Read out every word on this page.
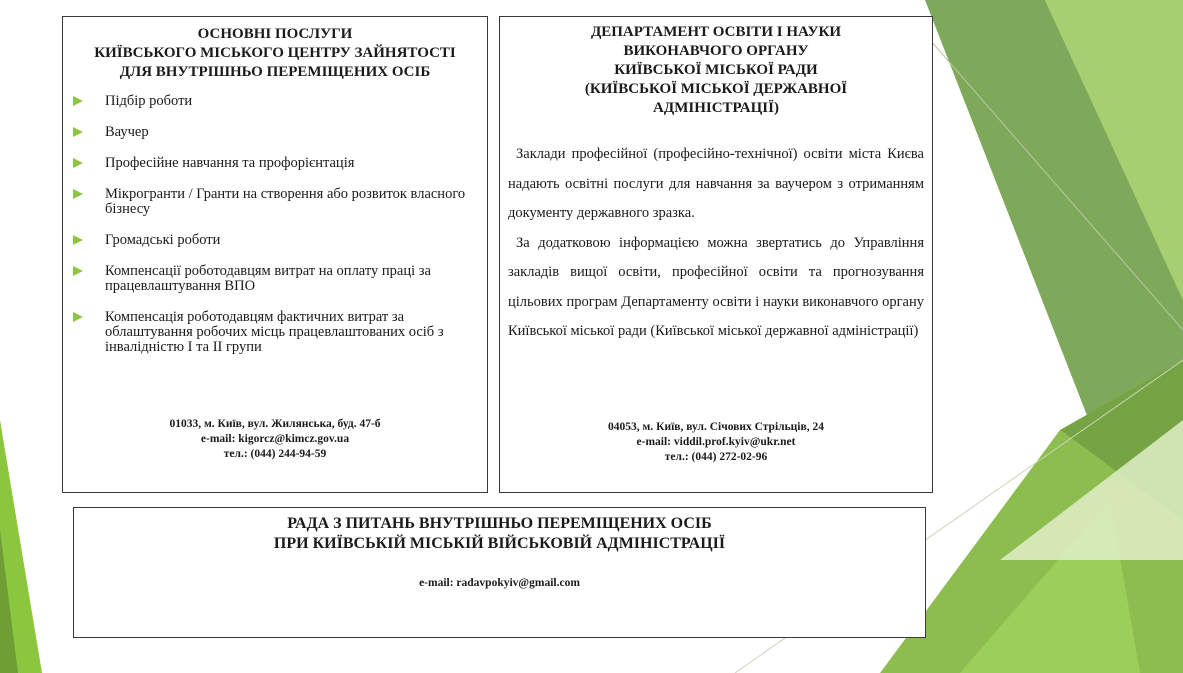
ОСНОВНІ ПОСЛУГИ
КИЇВСЬКОГО МІСЬКОГО ЦЕНТРУ ЗАЙНЯТОСТІ
ДЛЯ ВНУТРІШНЬО ПЕРЕМІЩЕНИХ ОСІБ
Підбір роботи
Ваучер
Професійне навчання та профорієнтація
Мікрогранти / Гранти на створення або розвиток власного бізнесу
Громадські роботи
Компенсації роботодавцям витрат на оплату праці за працевлаштування ВПО
Компенсація роботодавцям фактичних витрат за облаштування робочих місць працевлаштованих осіб з інвалідністю І та ІІ групи
01033, м. Київ, вул. Жилянська, буд. 47-б
e-mail: kigorcz@kimcz.gov.ua
тел.: (044) 244-94-59
ДЕПАРТАМЕНТ ОСВІТИ І НАУКИ
ВИКОНАВЧОГО ОРГАНУ
КИЇВСЬКОЇ МІСЬКОЇ РАДИ
(КИЇВСЬКОЇ МІСЬКОЇ ДЕРЖАВНОЇ
АДМІНІСТРАЦІЇ)

Заклади професійної (професійно-технічної) освіти міста Києва надають освітні послуги для навчання за ваучером з отриманням документу державного зразка.

За додатковою інформацією можна звертатись до Управління закладів вищої освіти, професійної освіти та прогнозування цільових програм Департаменту освіти і науки виконавчого органу Київської міської ради (Київської міської державної адміністрації)

04053, м. Київ, вул. Січових Стрільців, 24
e-mail: viddil.prof.kyiv@ukr.net
тел.: (044) 272-02-96
РАДА З ПИТАНЬ ВНУТРІШНЬО ПЕРЕМІЩЕНИХ ОСІБ
ПРИ КИЇВСЬКІЙ МІСЬКІЙ ВІЙСЬКОВІЙ АДМІНІСТРАЦІЇ
e-mail: radavpokyiv@gmail.com
